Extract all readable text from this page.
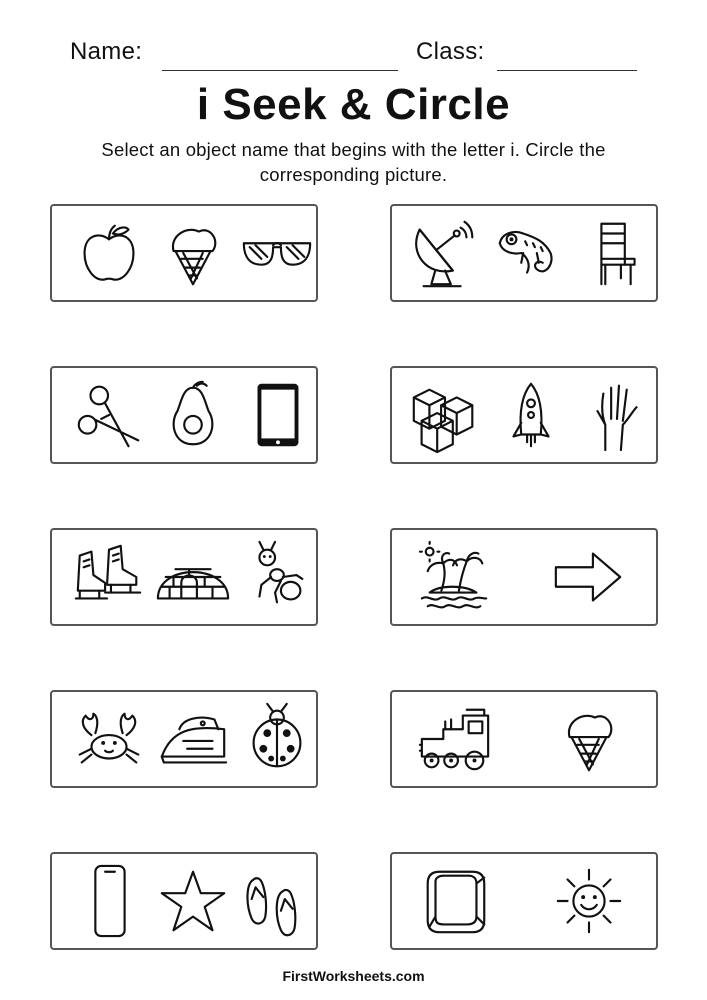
Name:	Class:
i Seek & Circle
Select an object name that begins with the letter i. Circle the corresponding picture.
FirstWorksheets.com
